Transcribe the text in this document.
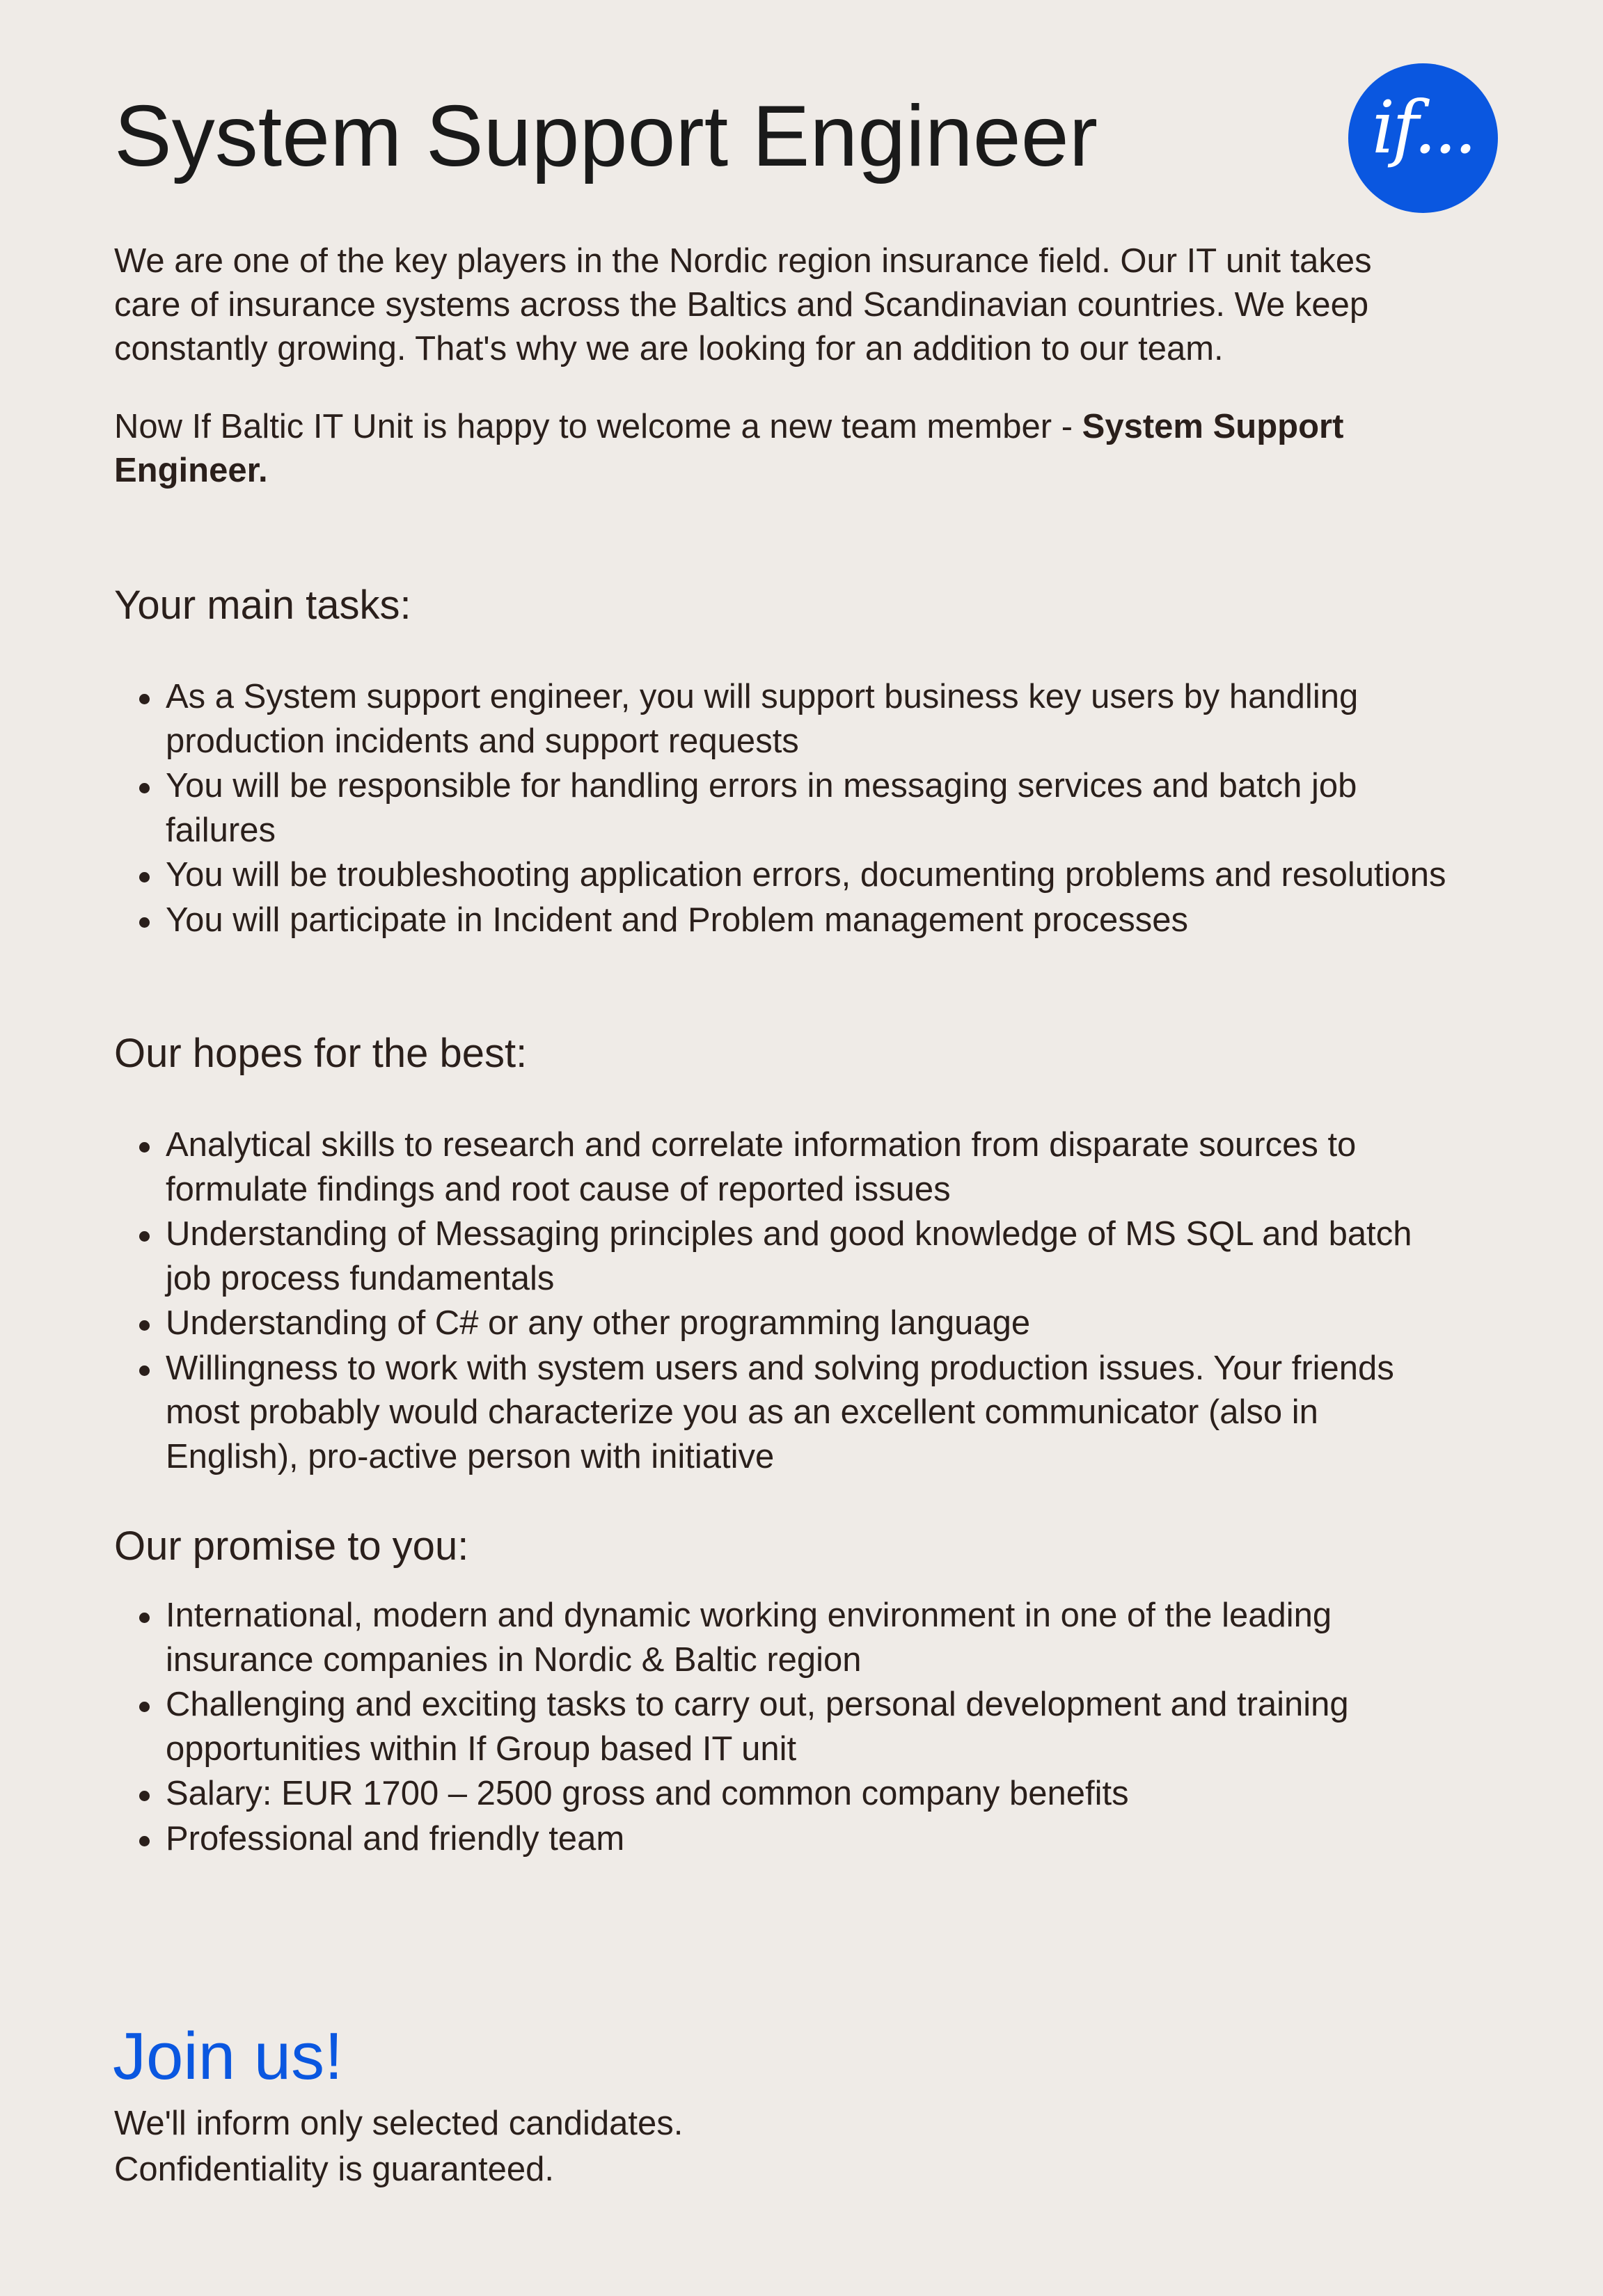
System Support Engineer	if...

We are one of the key players in the Nordic region insurance field. Our IT unit takes care of insurance systems across the Baltics and Scandinavian countries. We keep constantly growing. That's why we are looking for an addition to our team.

Now If Baltic IT Unit is happy to welcome a new team member - System Support Engineer.

Your main tasks:
As a System support engineer, you will support business key users by handling production incidents and support requests
You will be responsible for handling errors in messaging services and batch job failures
You will be troubleshooting application errors, documenting problems and resolutions
You will participate in Incident and Problem management processes
Our hopes for the best:
Analytical skills to research and correlate information from disparate sources to formulate findings and root cause of reported issues
Understanding of Messaging principles and good knowledge of MS SQL and batch job process fundamentals
Understanding of C# or any other programming language
Willingness to work with system users and solving production issues. Your friends most probably would characterize you as an excellent communicator (also in English), pro-active person with initiative
Our promise to you:
International, modern and dynamic working environment in one of the leading insurance companies in Nordic & Baltic region
Challenging and exciting tasks to carry out, personal development and training opportunities within If Group based IT unit
Salary: EUR 1700 – 2500 gross and common company benefits
Professional and friendly team
Join us!

We'll inform only selected candidates.

Confidentiality is guaranteed.
